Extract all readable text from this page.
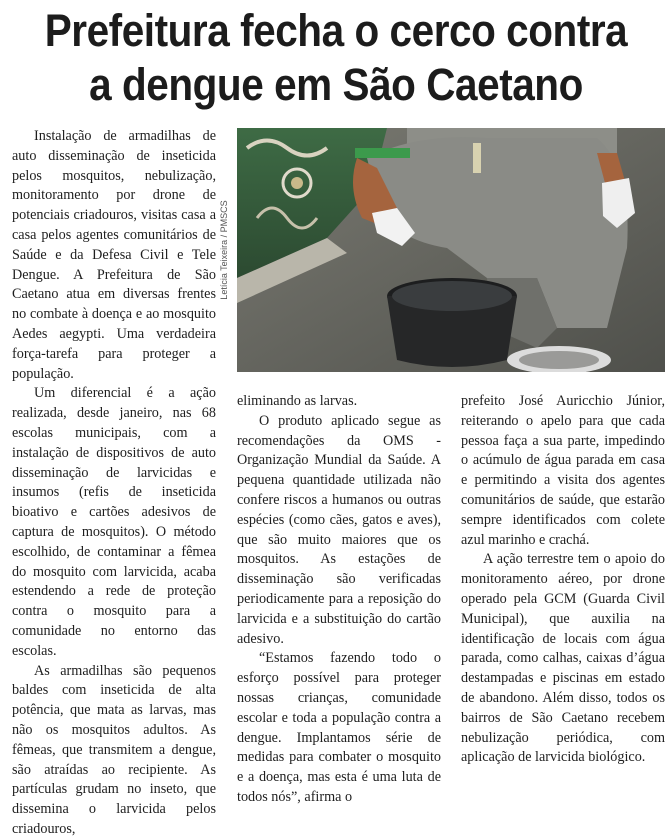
Prefeitura fecha o cerco contra
a dengue em São Caetano

Instalação de armadilhas de auto disseminação de inseticida pelos mosquitos, nebulização, monitoramento por drone de potenciais criadouros, visitas casa a casa pelos agentes comunitários de Saúde e da Defesa Civil e Tele Dengue. A Prefeitura de São Caetano atua em diversas frentes no combate à doença e ao mosquito Aedes aegypti. Uma verdadeira força-tarefa para proteger a população.

Um diferencial é a ação realizada, desde janeiro, nas 68 escolas municipais, com a instalação de dispositivos de auto disseminação de larvicidas e insumos (refis de inseticida bioativo e cartões adesivos de captura de mosquitos). O método escolhido, de contaminar a fêmea do mosquito com larvicida, acaba estendendo a rede de proteção contra o mosquito para a comunidade no entorno das escolas.

As armadilhas são pequenos baldes com inseticida de alta potência, que mata as larvas, mas não os mosquitos adultos. As fêmeas, que transmitem a dengue, são atraídas ao recipiente. As partículas grudam no inseto, que dissemina o larvicida pelos criadouros,

Letícia Teixeira / PMSCS

eliminando as larvas.

O produto aplicado segue as recomendações da OMS - Organização Mundial da Saúde. A pequena quantidade utilizada não confere riscos a humanos ou outras espécies (como cães, gatos e aves), que são muito maiores que os mosquitos. As estações de disseminação são verificadas periodicamente para a reposição do larvicida e a substituição do cartão adesivo.

“Estamos fazendo todo o esforço possível para proteger nossas crianças, comunidade escolar e toda a população contra a dengue. Implantamos série de medidas para combater o mosquito e a doença, mas esta é uma luta de todos nós”, afirma o

prefeito José Auricchio Júnior, reiterando o apelo para que cada pessoa faça a sua parte, impedindo o acúmulo de água parada em casa e permitindo a visita dos agentes comunitários de saúde, que estarão sempre identificados com colete azul marinho e crachá.

A ação terrestre tem o apoio do monitoramento aéreo, por drone operado pela GCM (Guarda Civil Municipal), que auxilia na identificação de locais com água parada, como calhas, caixas d’água destampadas e piscinas em estado de abandono. Além disso, todos os bairros de São Caetano recebem nebulização periódica, com aplicação de larvicida biológico.
